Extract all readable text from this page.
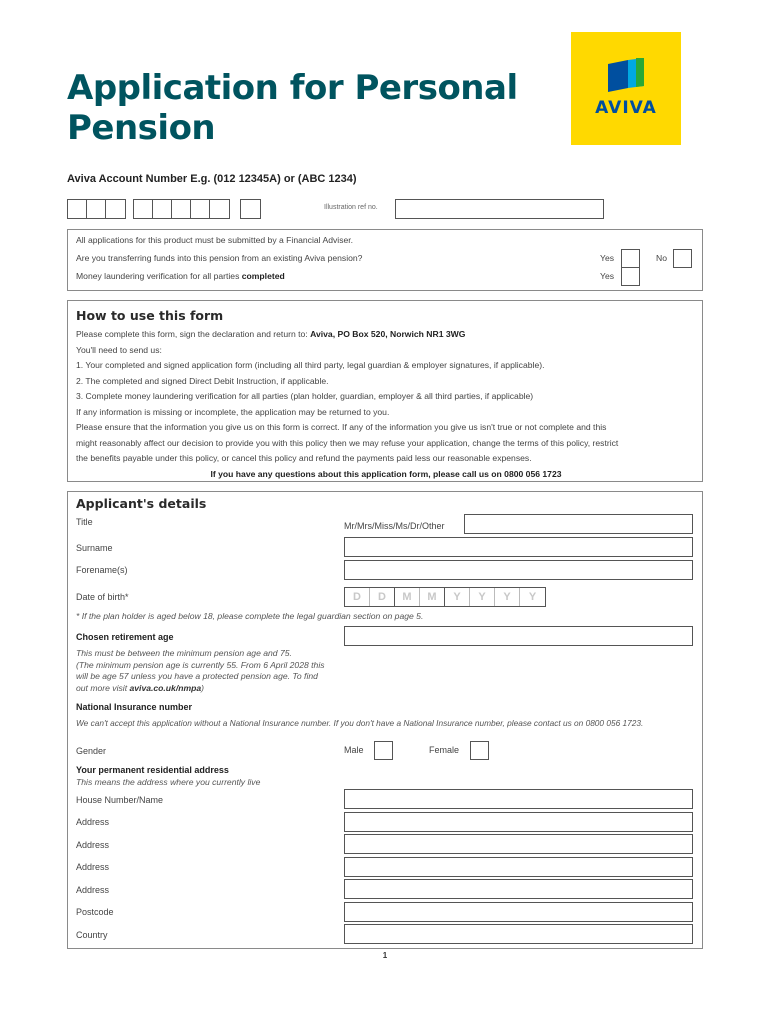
Application for Personal
Pension	AVIVA
Aviva Account Number E.g. (012 12345A) or (ABC 1234)
Illustration ref no.
All applications for this product must be submitted by a Financial Adviser.
Are you transferring funds into this pension from an existing Aviva pension?	Yes	No
Money laundering verification for all parties completed	Yes
How to use this form
Please complete this form, sign the declaration and return to: Aviva, PO Box 520, Norwich NR1 3WG
You'll need to send us:
1. Your completed and signed application form (including all third party, legal guardian & employer signatures, if applicable).
2. The completed and signed Direct Debit Instruction, if applicable.
3. Complete money laundering verification for all parties (plan holder, guardian, employer & all third parties, if applicable)
If any information is missing or incomplete, the application may be returned to you.
Please ensure that the information you give us on this form is correct. If any of the information you give us isn't true or not complete and this
might reasonably affect our decision to provide you with this policy then we may refuse your application, change the terms of this policy, restrict
the benefits payable under this policy, or cancel this policy and refund the payments paid less our reasonable expenses.
If you have any questions about this application form, please call us on 0800 056 1723
Applicant's details
Title	Mr/Mrs/Miss/Ms/Dr/Other
Surname
Forename(s)
Date of birth*	D	D	M	M	Y	Y	Y	Y
* If the plan holder is aged below 18, please complete the legal guardian section on page 5.
Chosen retirement age
This must be between the minimum pension age and 75.
(The minimum pension age is currently 55. From 6 April 2028 this
will be age 57 unless you have a protected pension age. To find
out more visit aviva.co.uk/nmpa)
National Insurance number
We can't accept this application without a National Insurance number. If you don't have a National Insurance number, please contact us on 0800 056 1723.
Gender	Male	Female
Your permanent residential address
This means the address where you currently live
House Number/Name
Address
Address
Address
Address
Postcode
Country
1
